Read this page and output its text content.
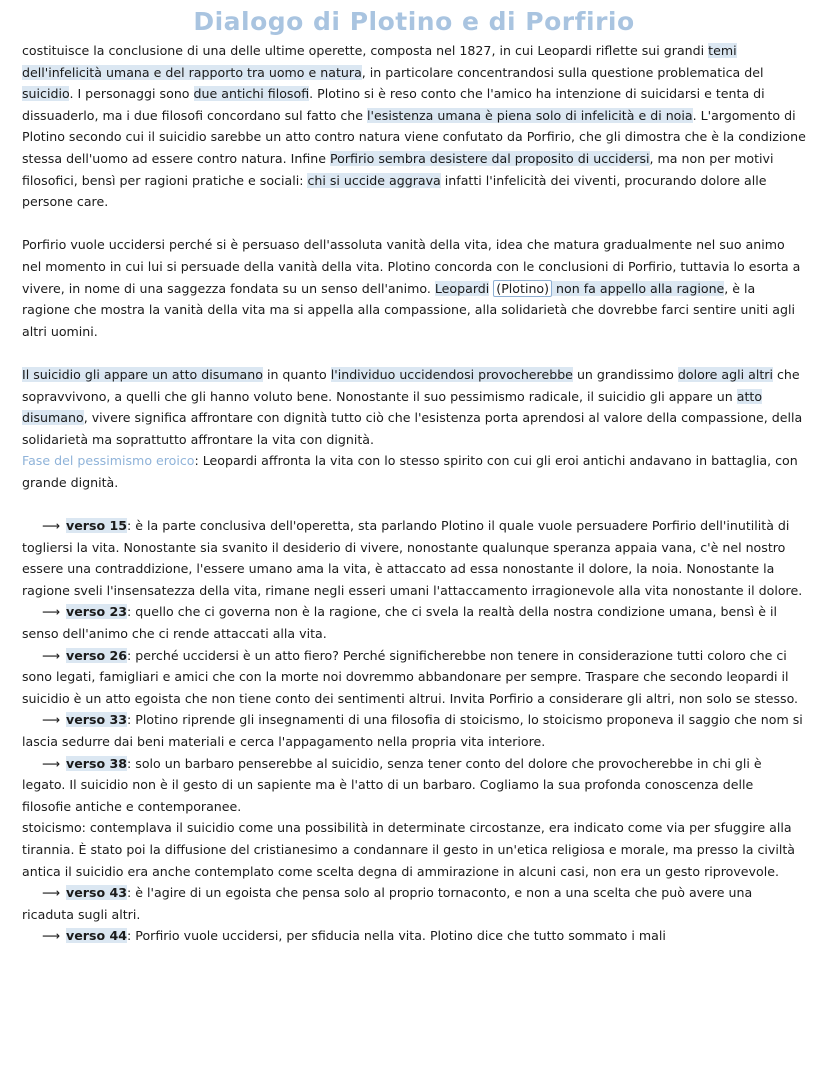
Dialogo di Plotino e di Porfirio

costituisce la conclusione di una delle ultime operette, composta nel 1827, in cui Leopardi riflette sui grandi temi dell'infelicità umana e del rapporto tra uomo e natura, in particolare concentrandosi sulla questione problematica del suicidio. I personaggi sono due antichi filosofi. Plotino si è reso conto che l'amico ha intenzione di suicidarsi e tenta di dissuaderlo, ma i due filosofi concordano sul fatto che l'esistenza umana è piena solo di infelicità e di noia. L'argomento di Plotino secondo cui il suicidio sarebbe un atto contro natura viene confutato da Porfirio, che gli dimostra che è la condizione stessa dell'uomo ad essere contro natura. Infine Porfirio sembra desistere dal proposito di uccidersi, ma non per motivi filosofici, bensì per ragioni pratiche e sociali: chi si uccide aggrava infatti l'infelicità dei viventi, procurando dolore alle persone care.

Porfirio vuole uccidersi perché si è persuaso dell'assoluta vanità della vita, idea che matura gradualmente nel suo animo nel momento in cui lui si persuade della vanità della vita. Plotino concorda con le conclusioni di Porfirio, tuttavia lo esorta a vivere, in nome di una saggezza fondata su un senso dell'animo. Leopardi (Plotino) non fa appello alla ragione, è la ragione che mostra la vanità della vita ma si appella alla compassione, alla solidarietà che dovrebbe farci sentire uniti agli altri uomini.

Il suicidio gli appare un atto disumano in quanto l'individuo uccidendosi provocherebbe un grandissimo dolore agli altri che sopravvivono, a quelli che gli hanno voluto bene. Nonostante il suo pessimismo radicale, il suicidio gli appare un atto disumano, vivere significa affrontare con dignità tutto ciò che l'esistenza porta aprendosi al valore della compassione, della solidarietà ma soprattutto affrontare la vita con dignità.

Fase del pessimismo eroico: Leopardi affronta la vita con lo stesso spirito con cui gli eroi antichi andavano in battaglia, con grande dignità.

⟶ verso 15: è la parte conclusiva dell'operetta, sta parlando Plotino il quale vuole persuadere Porfirio dell'inutilità di togliersi la vita. Nonostante sia svanito il desiderio di vivere, nonostante qualunque speranza appaia vana, c'è nel nostro essere una contraddizione, l'essere umano ama la vita, è attaccato ad essa nonostante il dolore, la noia. Nonostante la ragione sveli l'insensatezza della vita, rimane negli esseri umani l'attaccamento irragionevole alla vita nonostante il dolore.

⟶ verso 23: quello che ci governa non è la ragione, che ci svela la realtà della nostra condizione umana, bensì è il senso dell'animo che ci rende attaccati alla vita.

⟶ verso 26: perché uccidersi è un atto fiero? Perché significherebbe non tenere in considerazione tutti coloro che ci sono legati, famigliari e amici che con la morte noi dovremmo abbandonare per sempre. Traspare che secondo leopardi il suicidio è un atto egoista che non tiene conto dei sentimenti altrui. Invita Porfirio a considerare gli altri, non solo se stesso.

⟶ verso 33: Plotino riprende gli insegnamenti di una filosofia di stoicismo, lo stoicismo proponeva il saggio che nom si lascia sedurre dai beni materiali e cerca l'appagamento nella propria vita interiore.

⟶ verso 38: solo un barbaro penserebbe al suicidio, senza tener conto del dolore che provocherebbe in chi gli è legato. Il suicidio non è il gesto di un sapiente ma è l'atto di un barbaro. Cogliamo la sua profonda conoscenza delle filosofie antiche e contemporanee.

stoicismo: contemplava il suicidio come una possibilità in determinate circostanze, era indicato come via per sfuggire alla tirannia. È stato poi la diffusione del cristianesimo a condannare il gesto in un'etica religiosa e morale, ma presso la civiltà antica il suicidio era anche contemplato come scelta degna di ammirazione in alcuni casi, non era un gesto riprovevole.

⟶ verso 43: è l'agire di un egoista che pensa solo al proprio tornaconto, e non a una scelta che può avere una ricaduta sugli altri.

⟶ verso 44: Porfirio vuole uccidersi, per sfiducia nella vita. Plotino dice che tutto sommato i mali
